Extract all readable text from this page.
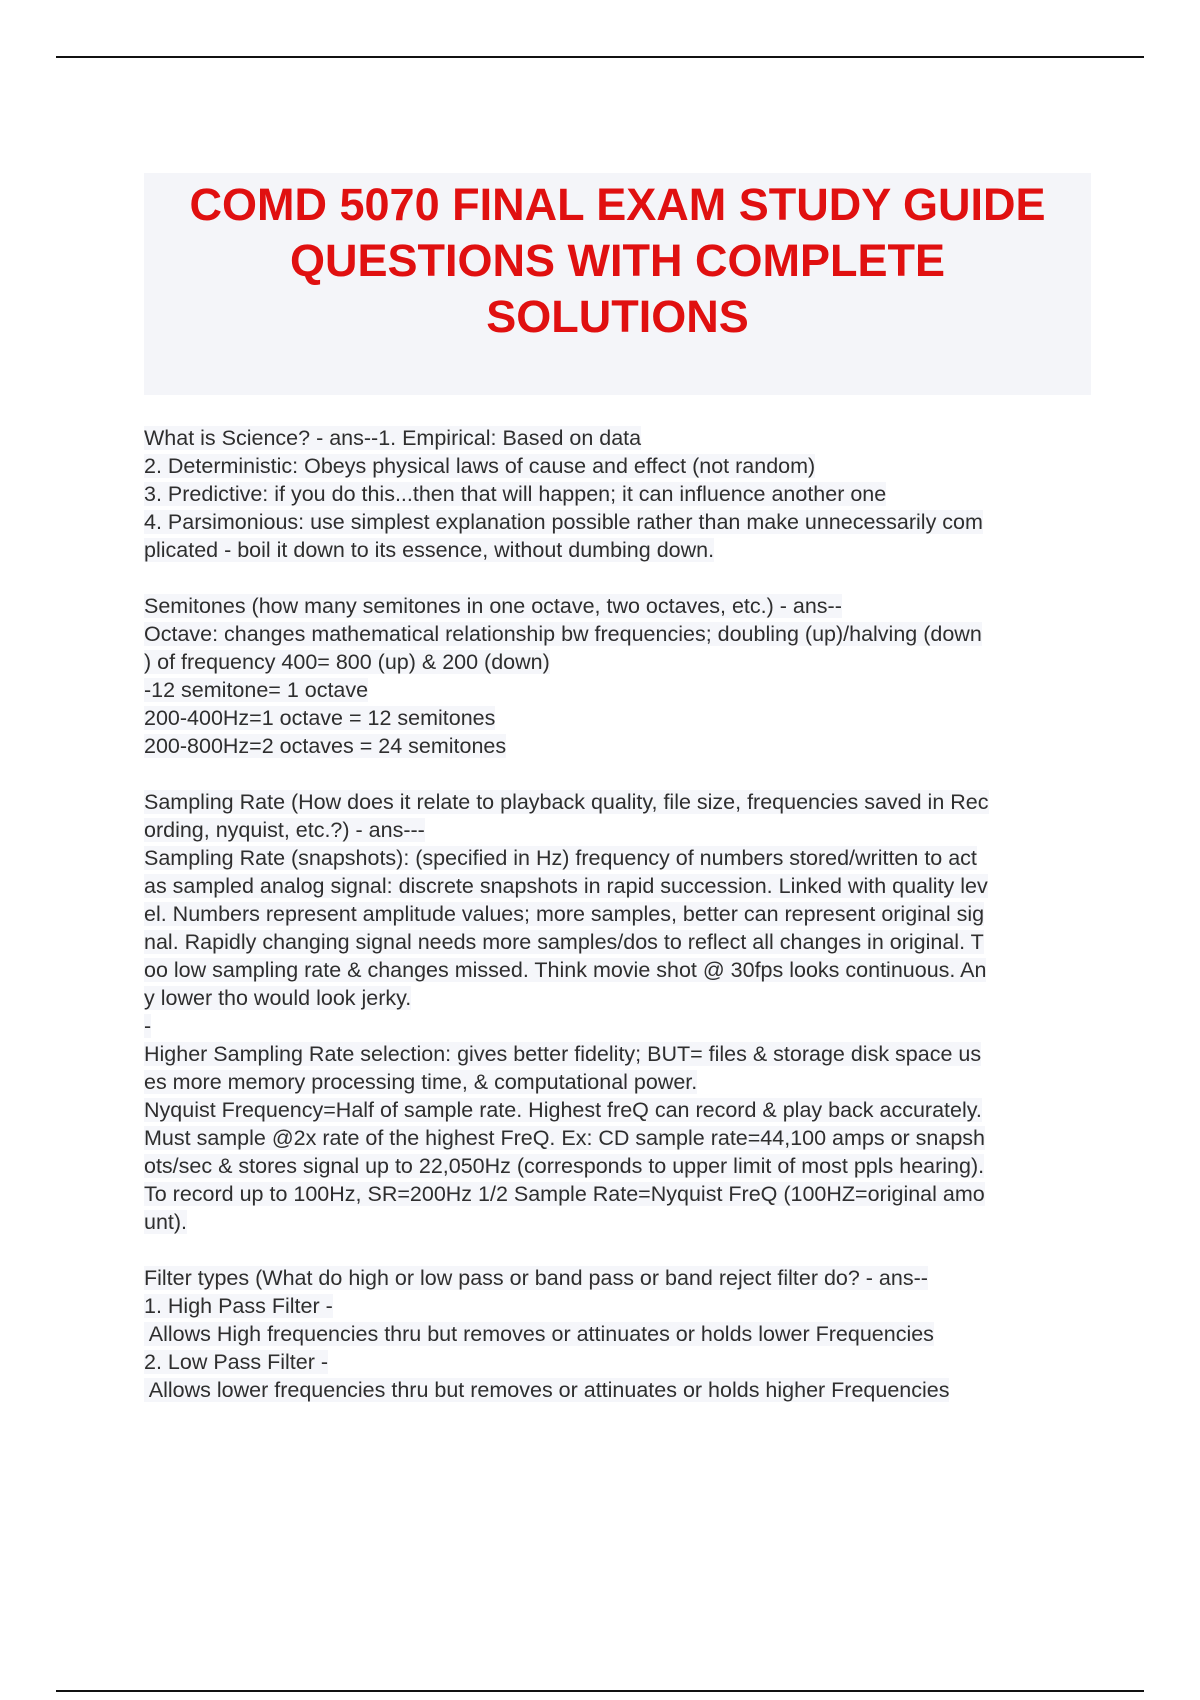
COMD 5070 FINAL EXAM STUDY GUIDE
QUESTIONS WITH COMPLETE
SOLUTIONS
What is Science? - ans--1. Empirical: Based on data
2. Deterministic: Obeys physical laws of cause and effect (not random)
3. Predictive: if you do this...then that will happen; it can influence another one
4. Parsimonious: use simplest explanation possible rather than make unnecessarily com
plicated - boil it down to its essence, without dumbing down.
Semitones (how many semitones in one octave, two octaves, etc.) - ans--
Octave: changes mathematical relationship bw frequencies; doubling (up)/halving (down
) of frequency 400= 800 (up) & 200 (down)
-12 semitone= 1 octave
200-400Hz=1 octave = 12 semitones
200-800Hz=2 octaves = 24 semitones
Sampling Rate (How does it relate to playback quality, file size, frequencies saved in Rec
ording, nyquist, etc.?) - ans---
Sampling Rate (snapshots): (specified in Hz) frequency of numbers stored/written to act
as sampled analog signal: discrete snapshots in rapid succession. Linked with quality lev
el. Numbers represent amplitude values; more samples, better can represent original sig
nal. Rapidly changing signal needs more samples/dos to reflect all changes in original. T
oo low sampling rate & changes missed. Think movie shot @ 30fps looks continuous. An
y lower tho would look jerky.
-
Higher Sampling Rate selection: gives better fidelity; BUT= files & storage disk space us
es more memory processing time, & computational power.
Nyquist Frequency=Half of sample rate. Highest freQ can record & play back accurately.
Must sample @2x rate of the highest FreQ. Ex: CD sample rate=44,100 amps or snapsh
ots/sec & stores signal up to 22,050Hz (corresponds to upper limit of most ppls hearing).
To record up to 100Hz, SR=200Hz 1/2 Sample Rate=Nyquist FreQ (100HZ=original amo
unt).
Filter types (What do high or low pass or band pass or band reject filter do? - ans--
1. High Pass Filter -
Allows High frequencies thru but removes or attinuates or holds lower Frequencies
2. Low Pass Filter -
Allows lower frequencies thru but removes or attinuates or holds higher Frequencies
